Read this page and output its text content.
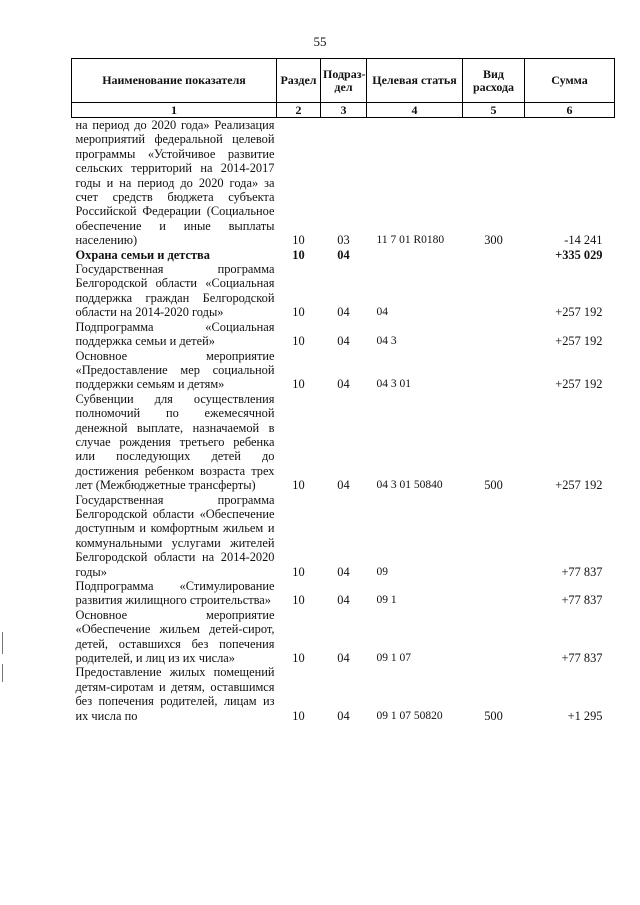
55
Наименование показателя	Раздел	Подраз-дел	Целевая статья	Вид расхода	Сумма
1	2	3	4	5	6
на период до 2020 года» Реализация мероприятий федеральной целевой программы «Устойчивое развитие сельских территорий на 2014-2017 годы и на период до 2020 года» за счет средств бюджета субъекта Российской Федерации (Социальное обеспечение и иные выплаты населению)	10	03	11 7 01 R0180	300	-14 241
Охрана семьи и детства	10	04			+335 029
Государственная программа Белгородской области «Социальная поддержка граждан Белгородской области на 2014-2020 годы»	10	04	04		+257 192
Подпрограмма «Социальная поддержка семьи и детей»	10	04	04 3		+257 192
Основное мероприятие «Предоставление мер социальной поддержки семьям и детям»	10	04	04 3 01		+257 192
Субвенции для осуществления полномочий по ежемесячной денежной выплате, назначаемой в случае рождения третьего ребенка или последующих детей до достижения ребенком возраста трех лет (Межбюджетные трансферты)	10	04	04 3 01 50840	500	+257 192
Государственная программа Белгородской области «Обеспечение доступным и комфортным жильем и коммунальными услугами жителей Белгородской области на 2014-2020 годы»	10	04	09		+77 837
Подпрограмма «Стимулирование развития жилищного строительства»	10	04	09 1		+77 837
Основное мероприятие «Обеспечение жильем детей-сирот, детей, оставшихся без попечения родителей, и лиц из их числа»	10	04	09 1 07		+77 837
Предоставление жилых помещений детям-сиротам и детям, оставшимся без попечения родителей, лицам из их числа по	10	04	09 1 07 50820	500	+1 295
